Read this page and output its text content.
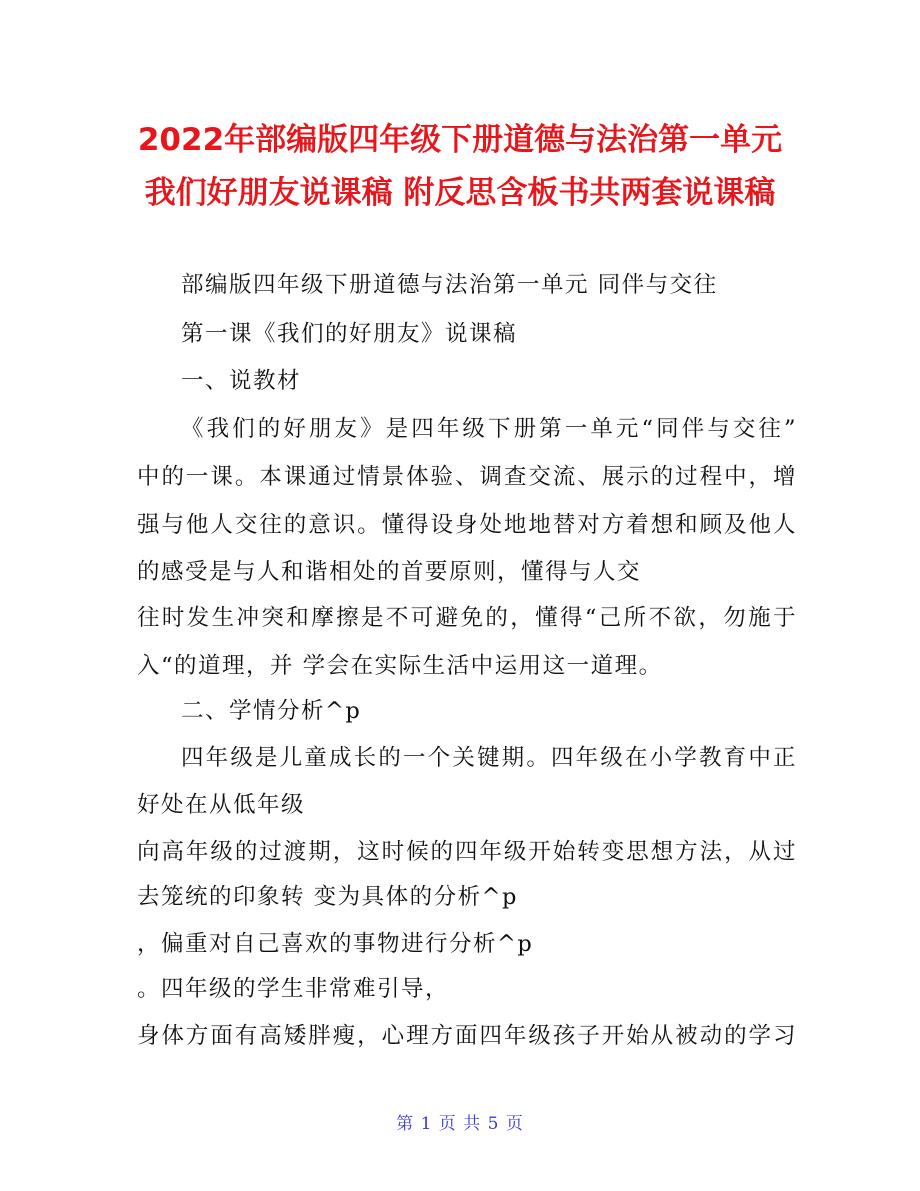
2022年部编版四年级下册道德与法治第一单元
我们好朋友说课稿 附反思含板书共两套说课稿
部编版四年级下册道德与法治第一单元 同伴与交往
第一课《我们的好朋友》说课稿
一、说教材
《我们的好朋友》是四年级下册第一单元“同伴与交往”
中的一课。本课通过情景体验、调查交流、展示的过程中，增
强与他人交往的意识。懂得设身处地地替对方着想和顾及他人
的感受是与人和谐相处的首要原则，懂得与人交
往时发生冲突和摩擦是不可避免的，懂得“己所不欲，勿施于
入“的道理，并 学会在实际生活中运用这一道理。
二、学情分析^p
四年级是儿童成长的一个关键期。四年级在小学教育中正
好处在从低年级
向高年级的过渡期，这时候的四年级开始转变思想方法，从过
去笼统的印象转 变为具体的分析^p
，偏重对自己喜欢的事物进行分析^p
。四年级的学生非常难引导，
身体方面有高矮胖瘦，心理方面四年级孩子开始从被动的学习
第 1 页 共 5 页
